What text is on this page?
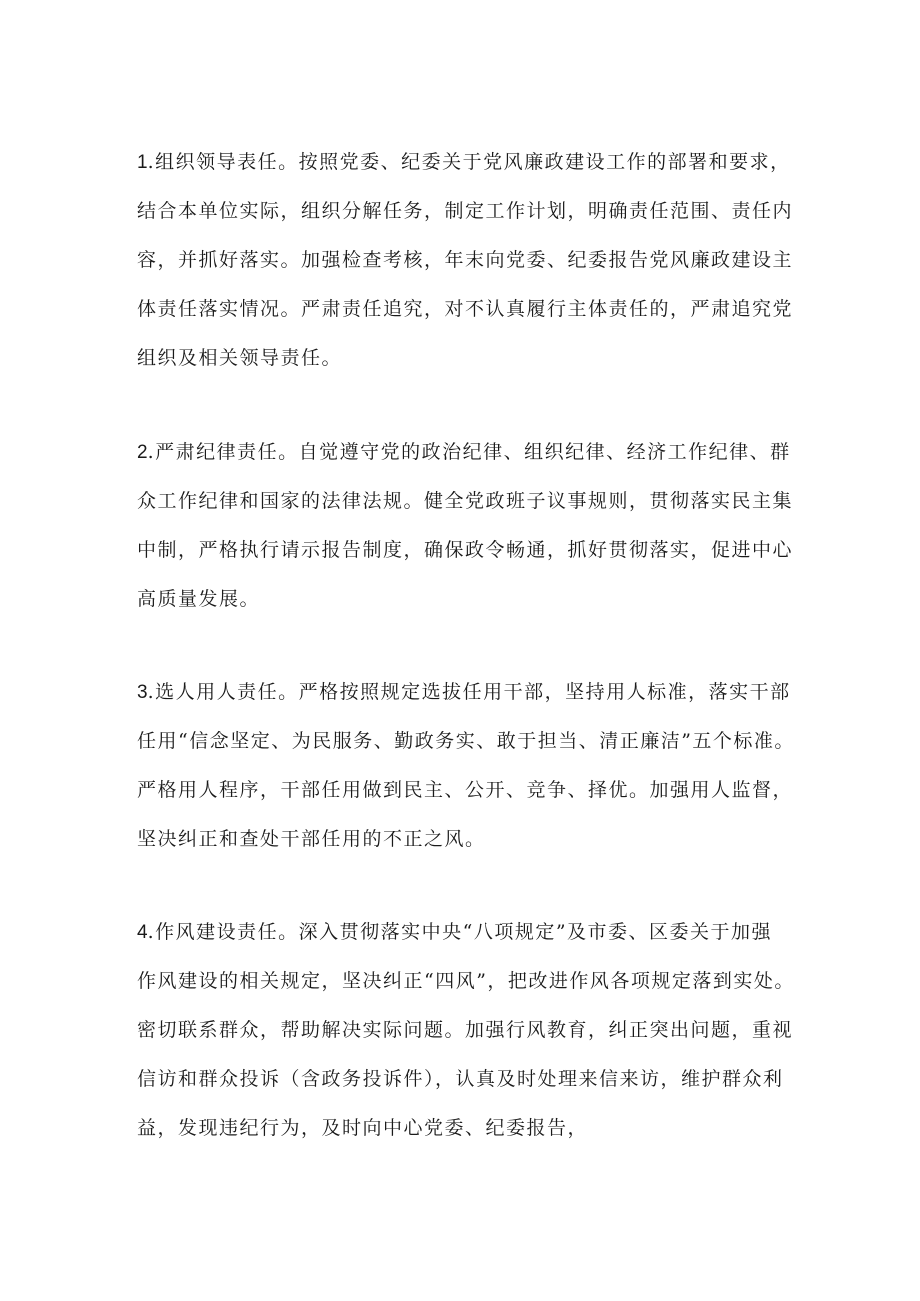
1.组织领导表任。按照党委、纪委关于党风廉政建设工作的部署和要求，
结合本单位实际，组织分解任务，制定工作计划，明确责任范围、责任内
容，并抓好落实。加强检查考核，年末向党委、纪委报告党风廉政建设主
体责任落实情况。严肃责任追究，对不认真履行主体责任的，严肃追究党
组织及相关领导责任。
2.严肃纪律责任。自觉遵守党的政治纪律、组织纪律、经济工作纪律、群
众工作纪律和国家的法律法规。健全党政班子议事规则，贯彻落实民主集
中制，严格执行请示报告制度，确保政令畅通，抓好贯彻落实，促进中心
高质量发展。
3.选人用人责任。严格按照规定选拔任用干部，坚持用人标准，落实干部
任用“信念坚定、为民服务、勤政务实、敢于担当、清正廉洁”五个标准。
严格用人程序，干部任用做到民主、公开、竞争、择优。加强用人监督，
坚决纠正和查处干部任用的不正之风。
4.作风建设责任。深入贯彻落实中央“八项规定”及市委、区委关于加强
作风建设的相关规定，坚决纠正“四风”，把改进作风各项规定落到实处。
密切联系群众，帮助解决实际问题。加强行风教育，纠正突出问题，重视
信访和群众投诉（含政务投诉件），认真及时处理来信来访，维护群众利
益，发现违纪行为，及时向中心党委、纪委报告，
